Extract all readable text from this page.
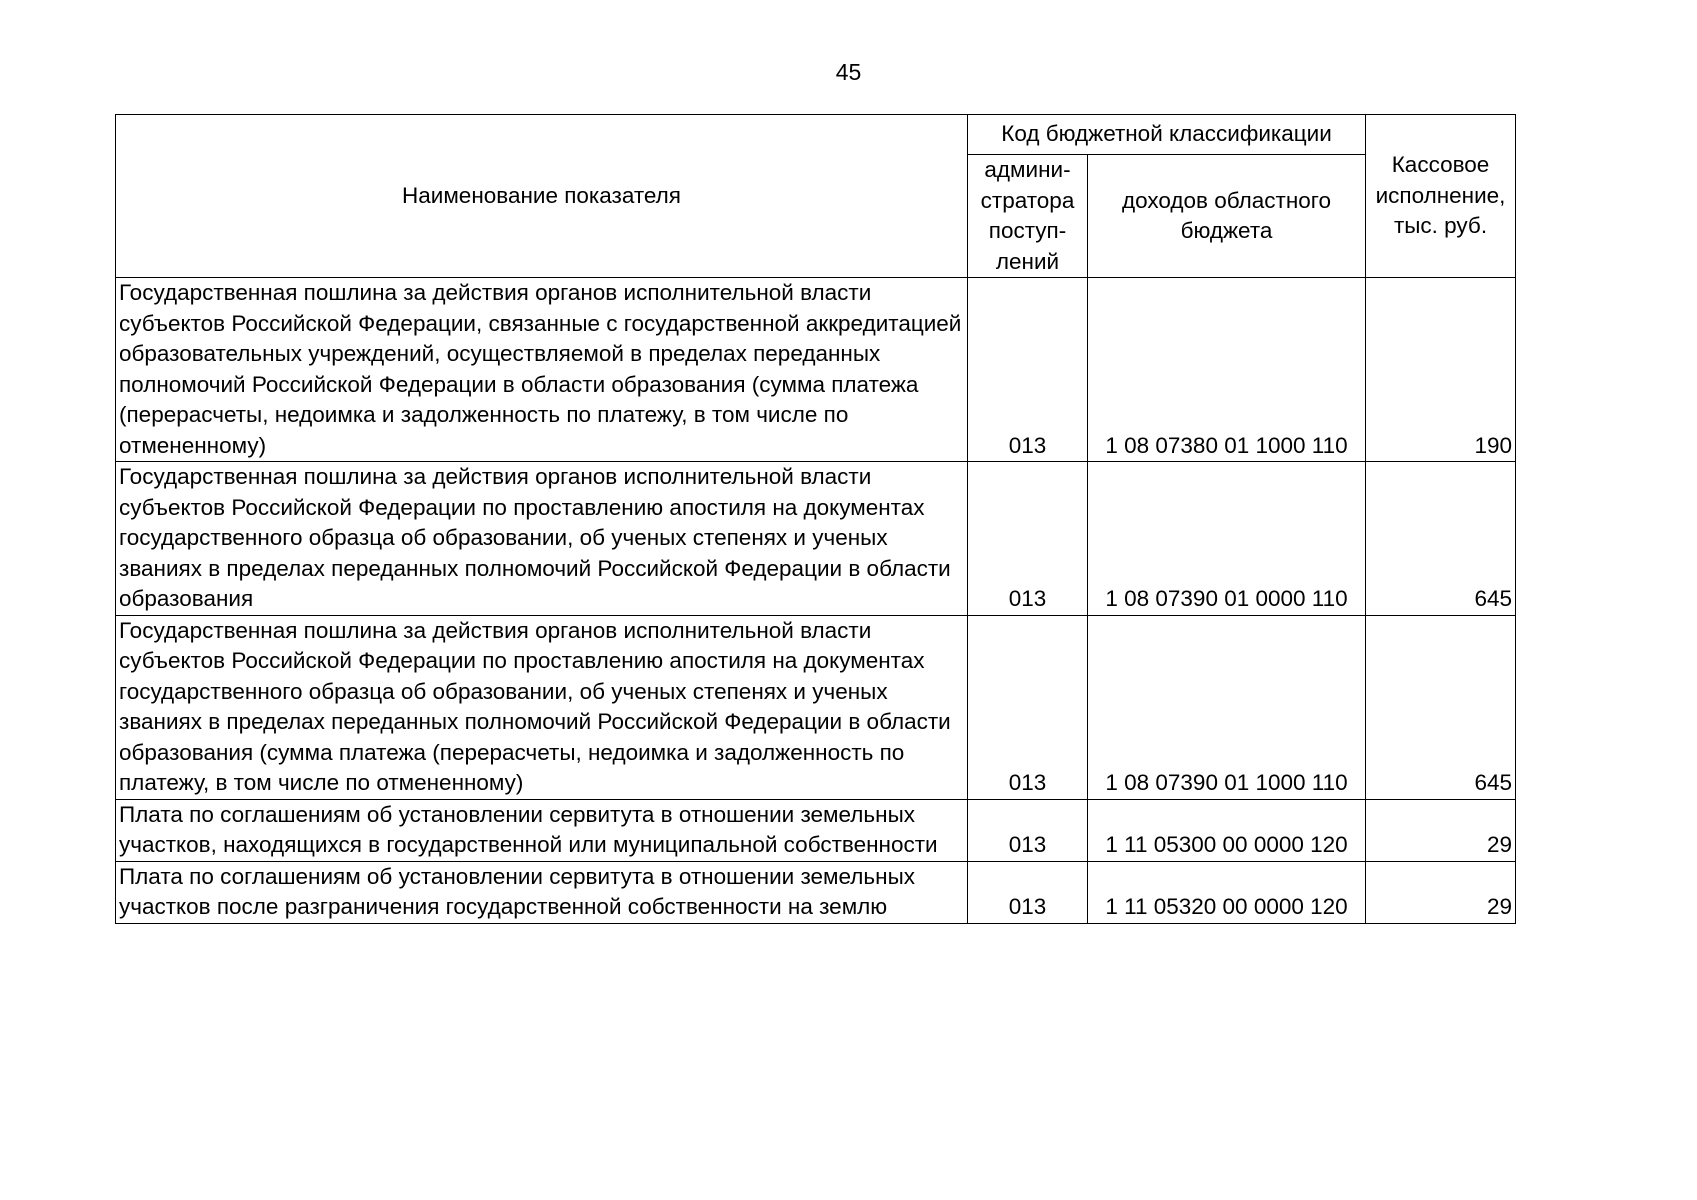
45
Наименование показателя	Код бюджетной классификации		Кассовое исполнение, тыс. руб.
	админи-стратора поступ-лений	доходов областного бюджета	
Государственная пошлина за действия органов исполнительной власти субъектов Российской Федерации, связанные с государственной аккредитацией образовательных учреждений, осуществляемой в пределах переданных полномочий Российской Федерации в области образования (сумма платежа (перерасчеты, недоимка и задолженность по платежу, в том числе по отмененному)	013	1 08 07380 01 1000 110	190
Государственная пошлина за действия органов исполнительной власти субъектов Российской Федерации по проставлению апостиля на документах государственного образца об образовании, об ученых степенях и ученых званиях в пределах переданных полномочий Российской Федерации в области образования	013	1 08 07390 01 0000 110	645
Государственная пошлина за действия органов исполнительной власти субъектов Российской Федерации по проставлению апостиля на документах государственного образца об образовании, об ученых степенях и ученых званиях в пределах переданных полномочий Российской Федерации в области образования (сумма платежа (перерасчеты, недоимка и задолженность по платежу, в том числе по отмененному)	013	1 08 07390 01 1000 110	645
Плата по соглашениям об установлении сервитута в отношении земельных участков, находящихся в государственной или муниципальной собственности	013	1 11 05300 00 0000 120	29
Плата по соглашениям об установлении сервитута в отношении земельных участков после разграничения государственной собственности на землю	013	1 11 05320 00 0000 120	29
